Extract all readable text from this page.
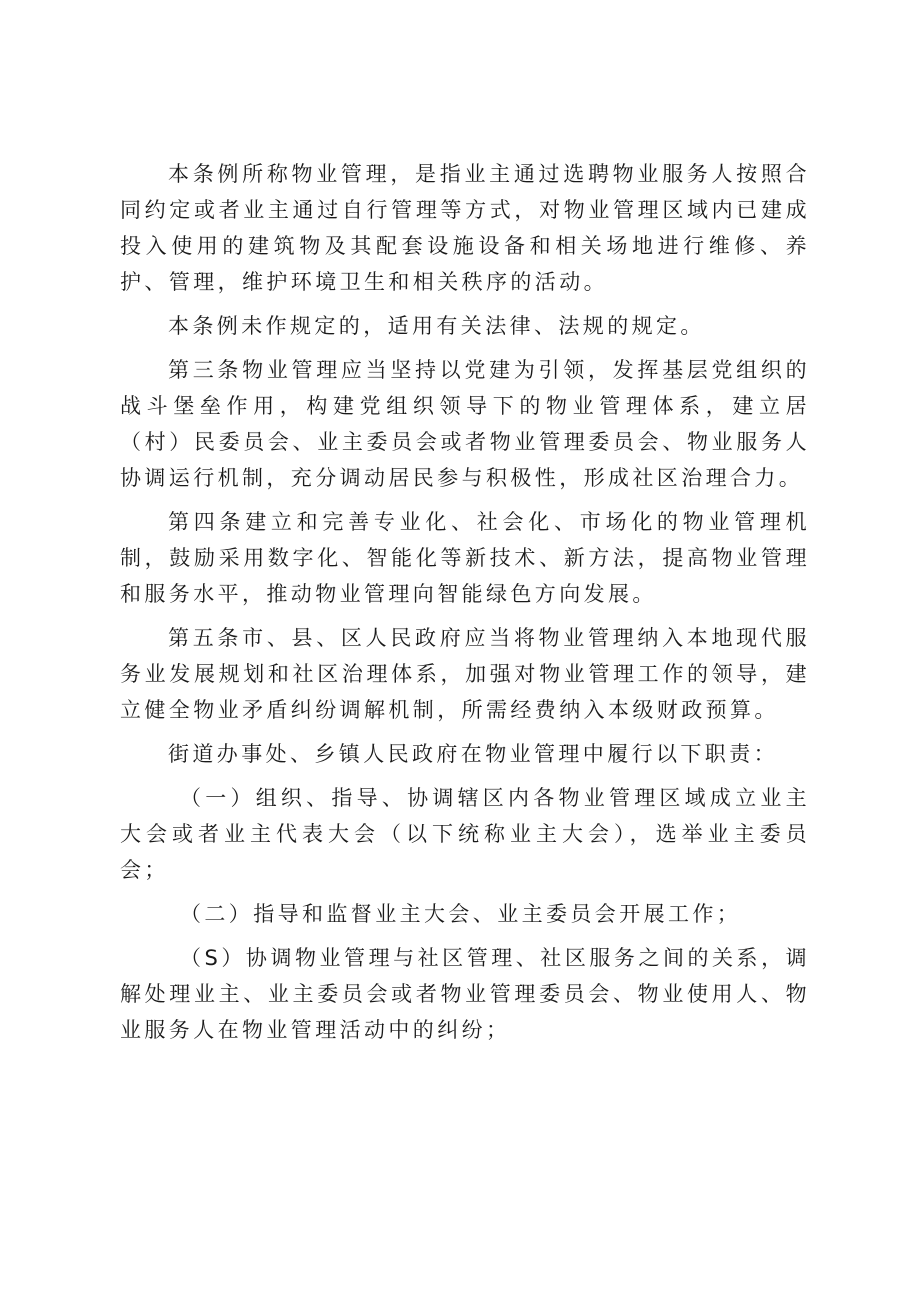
本条例所称物业管理，是指业主通过选聘物业服务人按照合同约定或者业主通过自行管理等方式，对物业管理区域内已建成投入使用的建筑物及其配套设施设备和相关场地进行维修、养护、管理，维护环境卫生和相关秩序的活动。

本条例未作规定的，适用有关法律、法规的规定。

第三条物业管理应当坚持以党建为引领，发挥基层党组织的战斗堡垒作用，构建党组织领导下的物业管理体系，建立居（村）民委员会、业主委员会或者物业管理委员会、物业服务人协调运行机制，充分调动居民参与积极性，形成社区治理合力。

第四条建立和完善专业化、社会化、市场化的物业管理机制，鼓励采用数字化、智能化等新技术、新方法，提高物业管理和服务水平，推动物业管理向智能绿色方向发展。

第五条市、县、区人民政府应当将物业管理纳入本地现代服务业发展规划和社区治理体系，加强对物业管理工作的领导，建立健全物业矛盾纠纷调解机制，所需经费纳入本级财政预算。

街道办事处、乡镇人民政府在物业管理中履行以下职责：

（一）组织、指导、协调辖区内各物业管理区域成立业主大会或者业主代表大会（以下统称业主大会），选举业主委员会；

（二）指导和监督业主大会、业主委员会开展工作；

（S）协调物业管理与社区管理、社区服务之间的关系，调解处理业主、业主委员会或者物业管理委员会、物业使用人、物业服务人在物业管理活动中的纠纷；
